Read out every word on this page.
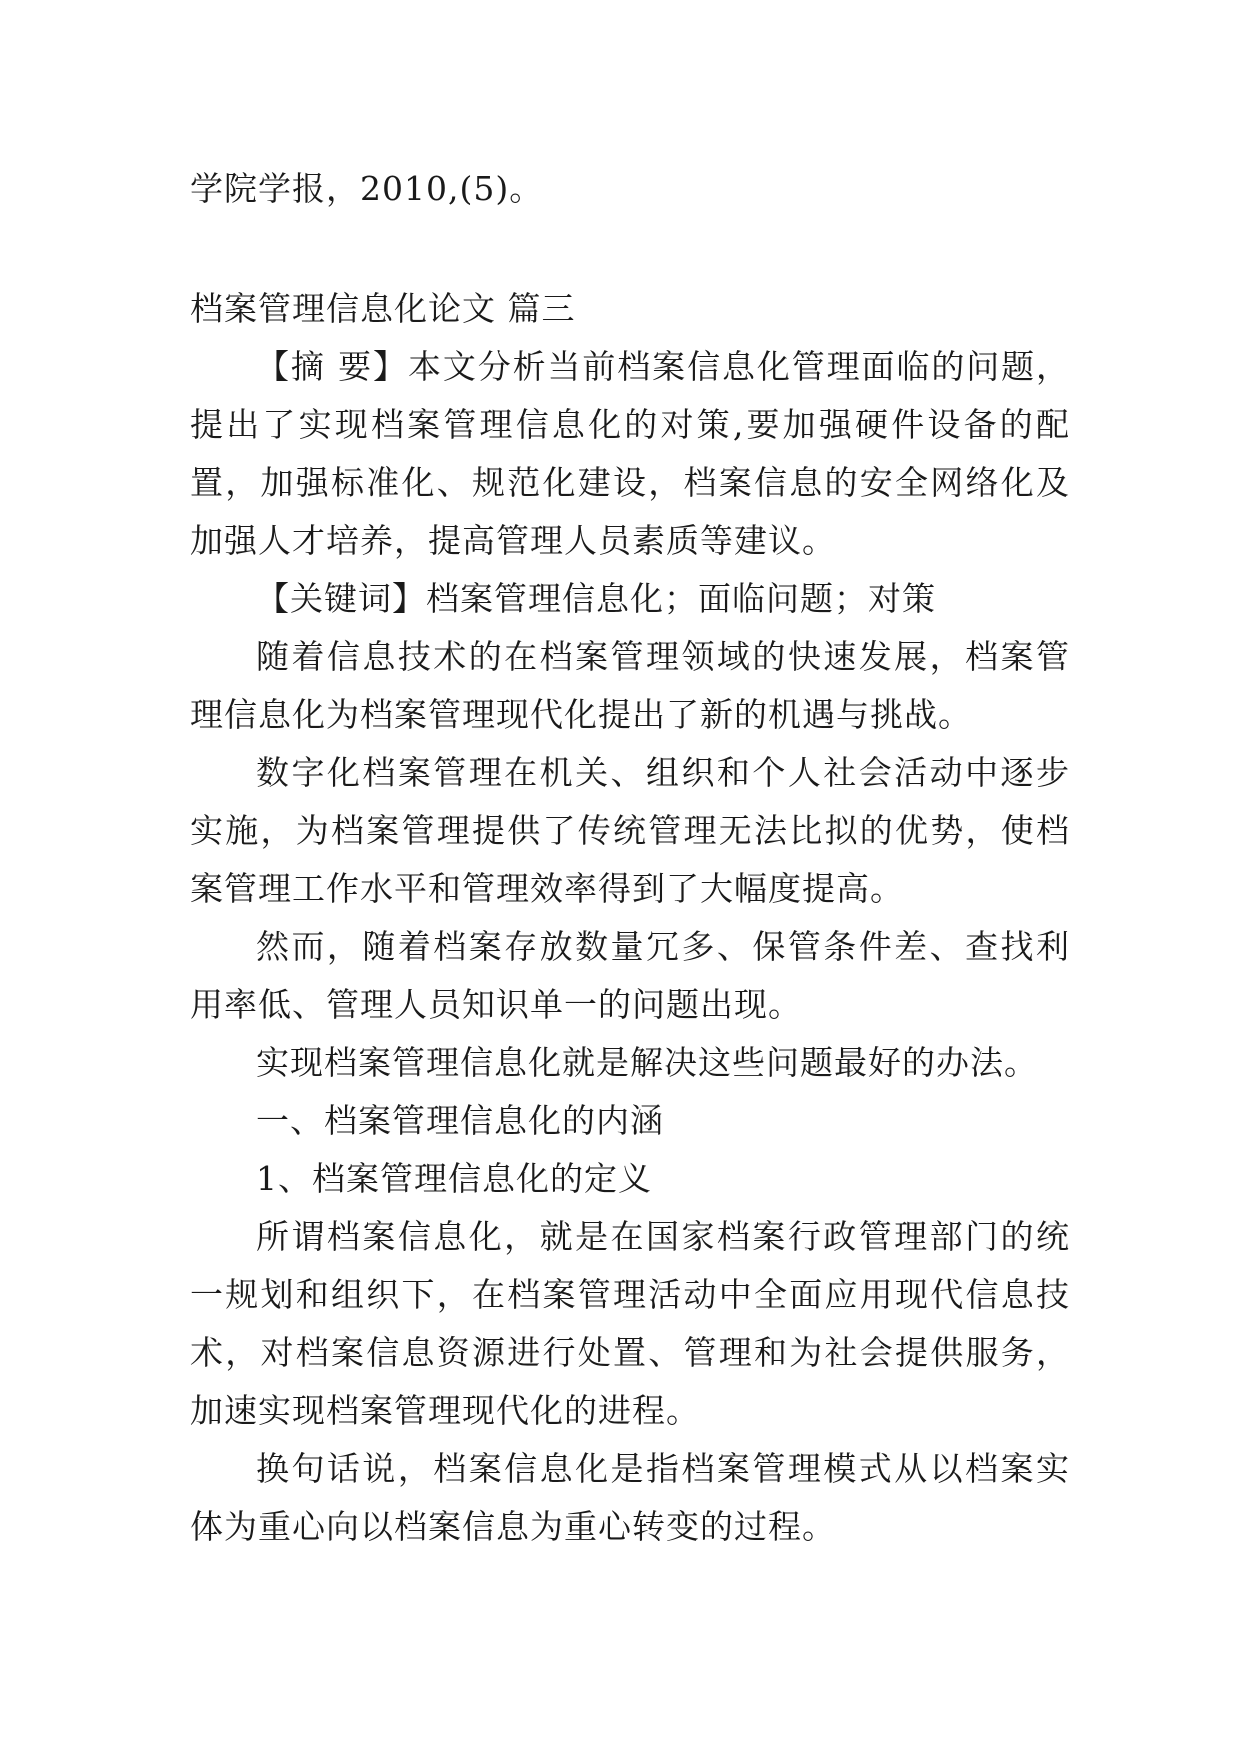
学院学报，2010,(5)。

档案管理信息化论文 篇三

【摘 要】本文分析当前档案信息化管理面临的问题，提出了实现档案管理信息化的对策,要加强硬件设备的配置，加强标准化、规范化建设，档案信息的安全网络化及加强人才培养，提高管理人员素质等建议。

【关键词】档案管理信息化；面临问题；对策

随着信息技术的在档案管理领域的快速发展，档案管理信息化为档案管理现代化提出了新的机遇与挑战。

数字化档案管理在机关、组织和个人社会活动中逐步实施，为档案管理提供了传统管理无法比拟的优势，使档案管理工作水平和管理效率得到了大幅度提高。

然而，随着档案存放数量冗多、保管条件差、查找利用率低、管理人员知识单一的问题出现。

实现档案管理信息化就是解决这些问题最好的办法。

一、档案管理信息化的内涵

1、档案管理信息化的定义

所谓档案信息化，就是在国家档案行政管理部门的统一规划和组织下，在档案管理活动中全面应用现代信息技术，对档案信息资源进行处置、管理和为社会提供服务，加速实现档案管理现代化的进程。

换句话说，档案信息化是指档案管理模式从以档案实体为重心向以档案信息为重心转变的过程。
